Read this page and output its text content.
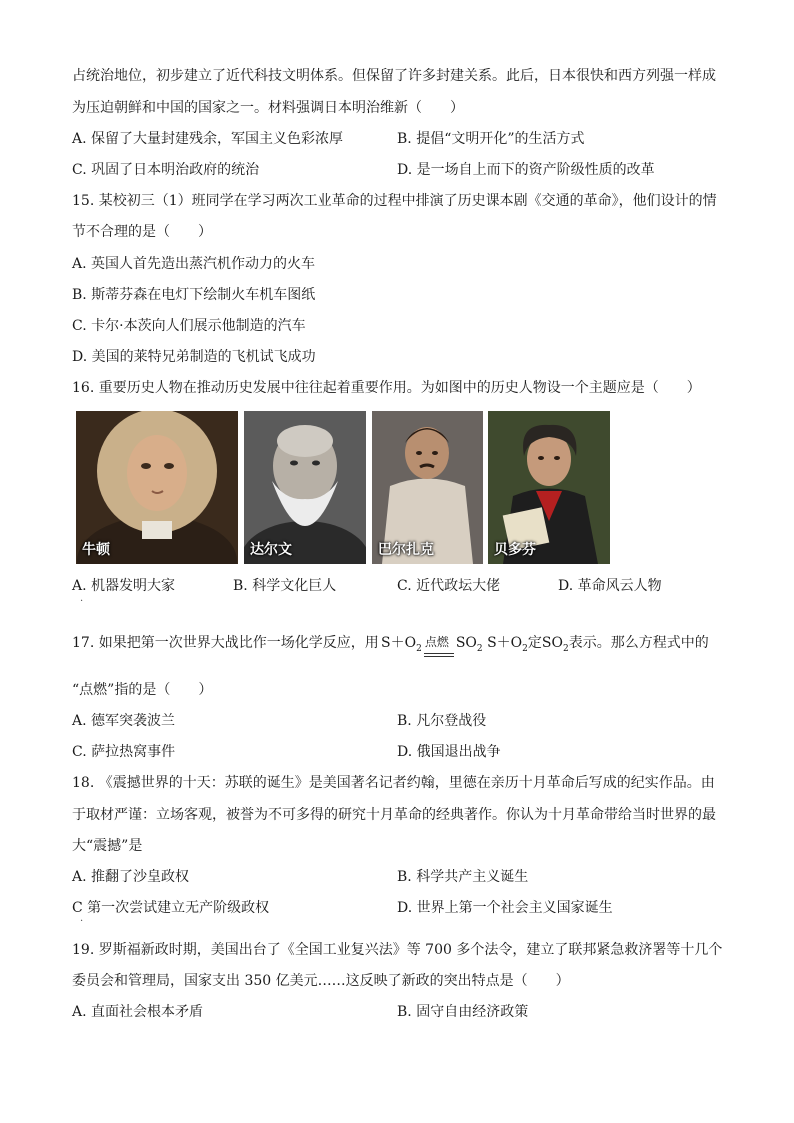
占统治地位，初步建立了近代科技文明体系。但保留了许多封建关系。此后，日本很快和西方列强一样成
为压迫朝鲜和中国的国家之一。材料强调日本明治维新（　　）
A. 保留了大量封建残余，军国主义色彩浓厚	B. 提倡“文明开化”的生活方式
C. 巩固了日本明治政府的统治	D. 是一场自上而下的资产阶级性质的改革
15. 某校初三（1）班同学在学习两次工业革命的过程中排演了历史课本剧《交通的革命》，他们设计的情
节不合理的是（　　）
A. 英国人首先造出蒸汽机作动力的火车
B. 斯蒂芬森在电灯下绘制火车机车图纸
C. 卡尔·本茨向人们展示他制造的汽车
D. 美国的莱特兄弟制造的飞机试飞成功
16. 重要历史人物在推动历史发展中往往起着重要作用。为如图中的历史人物设一个主题应是（　　）
牛顿	达尔文	巴尔扎克	贝多芬
A. 机器发明大家	B. 科学文化巨人	C. 近代政坛大佬	D. 革命风云人物
·
17. 如果把第一次世界大战比作一场化学反应，用 $S+O_2$ 点燃 $SO_2$ $S+O_2$定$SO_2$表示。那么方程式中的
“点燃”指的是（　　）
A. 德军突袭波兰	B. 凡尔登战役
C. 萨拉热窝事件	D. 俄国退出战争
18. 《震撼世界的十天：苏联的诞生》是美国著名记者约翰，里德在亲历十月革命后写成的纪实作品。由
于取材严谨：立场客观，被誉为不可多得的研究十月革命的经典著作。你认为十月革命带给当时世界的最
大“震撼”是
A. 推翻了沙皇政权	B. 科学共产主义诞生
C 第一次尝试建立无产阶级政权	D. 世界上第一个社会主义国家诞生
·
19. 罗斯福新政时期，美国出台了《全国工业复兴法》等 700 多个法令，建立了联邦紧急救济署等十几个
委员会和管理局，国家支出 350 亿美元……这反映了新政的突出特点是（　　）
A. 直面社会根本矛盾	B. 固守自由经济政策
